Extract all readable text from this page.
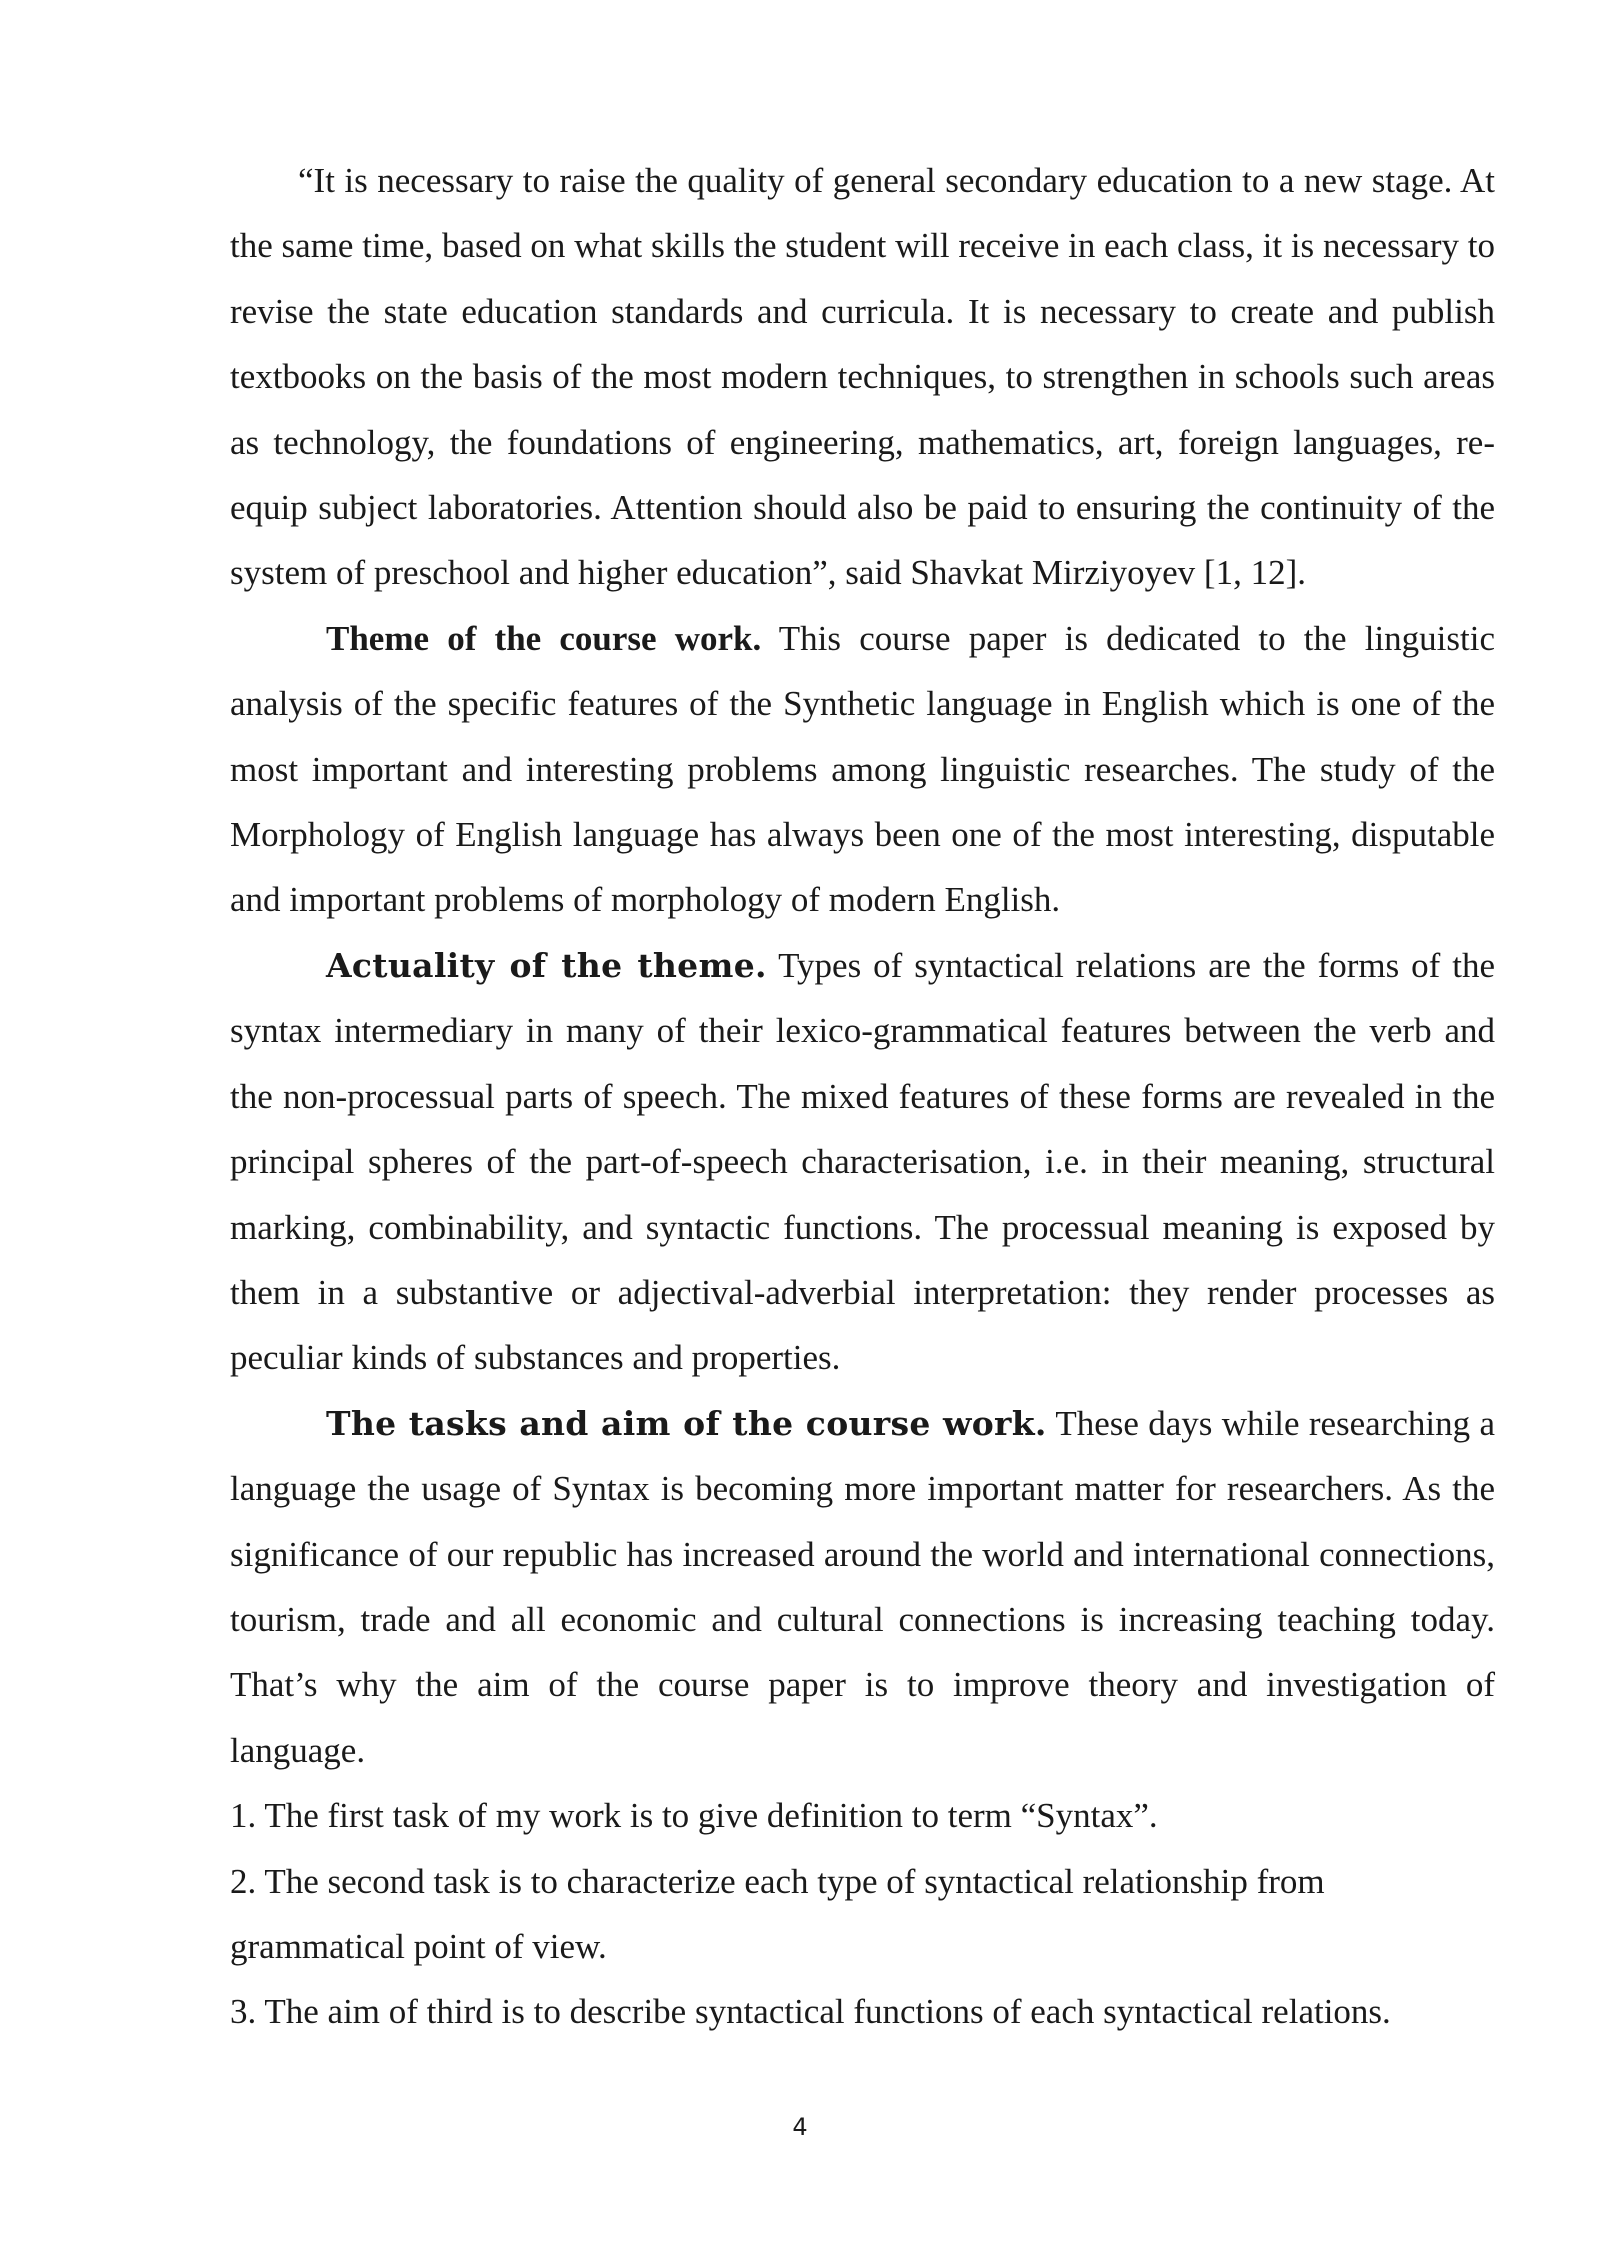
“It is necessary to raise the quality of general secondary education to a new stage. At the same time, based on what skills the student will receive in each class, it is necessary to revise the state education standards and curricula. It is necessary to create and publish textbooks on the basis of the most modern techniques, to strengthen in schools such areas as technology, the foundations of engineering, mathematics, art, foreign languages, re-equip subject laboratories. Attention should also be paid to ensuring the continuity of the system of preschool and higher education”, said Shavkat Mirziyoyev [1, 12].

Theme of the course work. This course paper is dedicated to the linguistic analysis of the specific features of the Synthetic language in English which is one of the most important and interesting problems among linguistic researches. The study of the Morphology of English language has always been one of the most interesting, disputable and important problems of morphology of modern English.

Actuality of the theme. Types of syntactical relations are the forms of the syntax intermediary in many of their lexico-grammatical features between the verb and the non-processual parts of speech. The mixed features of these forms are revealed in the principal spheres of the part-of-speech characterisation, i.e. in their meaning, structural marking, combinability, and syntactic functions. The processual meaning is exposed by them in a substantive or adjectival-adverbial interpretation: they render processes as peculiar kinds of substances and properties.

The tasks and aim of the course work. These days while researching a language the usage of Syntax is becoming more important matter for researchers. As the significance of our republic has increased around the world and international connections, tourism, trade and all economic and cultural connections is increasing teaching today. That’s why the aim of the course paper is to improve theory and investigation of language.

1. The first task of my work is to give definition to term “Syntax”.

2. The second task is to characterize each type of syntactical relationship from grammatical point of view.

3. The aim of third is to describe syntactical functions of each syntactical relations.

4
